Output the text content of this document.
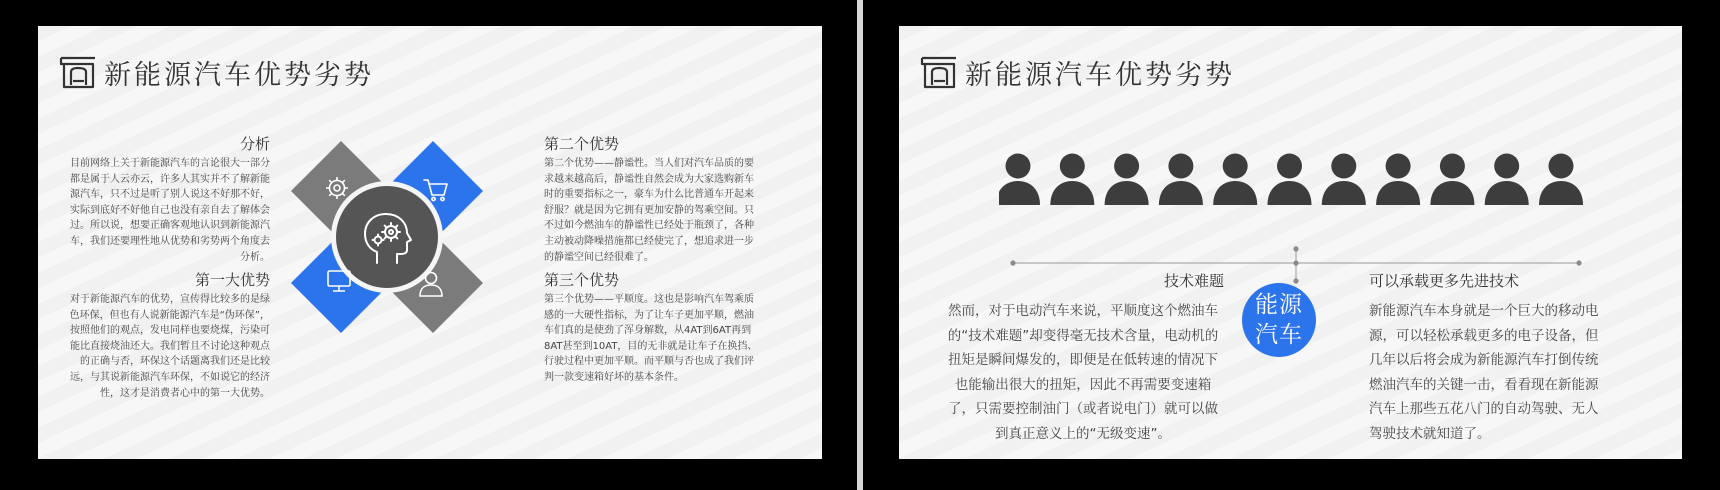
新能源汽车优势劣势
分析
目前网络上关于新能源汽车的言论很大一部分都是属于人云亦云，许多人其实并不了解新能源汽车，只不过是听了别人说这不好那不好，实际到底好不好他自己也没有亲自去了解体会过。所以说，想要正确客观地认识到新能源汽车，我们还要理性地从优势和劣势两个角度去分析。
第一大优势
对于新能源汽车的优势，宣传得比较多的是绿色环保，但也有人说新能源汽车是“伪环保”，按照他们的观点，发电同样也要烧煤，污染可能比直接烧油还大。我们暂且不讨论这种观点的正确与否，环保这个话题离我们还是比较远，与其说新能源汽车环保，不如说它的经济性，这才是消费者心中的第一大优势。
第二个优势
第二个优势——静谧性。当人们对汽车品质的要求越来越高后，静谧性自然会成为大家选购新车时的重要指标之一，豪车为什么比普通车开起来舒服？就是因为它拥有更加安静的驾乘空间。只不过如今燃油车的静谧性已经处于瓶颈了，各种主动被动降噪措施都已经使完了，想追求进一步的静谧空间已经很难了。
第三个优势
第三个优势——平顺度。这也是影响汽车驾乘质感的一大硬性指标，为了让车子更加平顺，燃油车们真的是使劲了浑身解数，从4AT到6AT再到8AT甚至到10AT，目的无非就是让车子在换挡、行驶过程中更加平顺。而平顺与否也成了我们评判一款变速箱好坏的基本条件。
新能源汽车优势劣势
技术难题
然而，对于电动汽车来说，平顺度这个燃油车的“技术难题”却变得毫无技术含量，电动机的扭矩是瞬间爆发的，即便是在低转速的情况下也能输出很大的扭矩，因此不再需要变速箱了，只需要控制油门（或者说电门）就可以做到真正意义上的“无级变速”。
能源
汽车
可以承载更多先进技术
新能源汽车本身就是一个巨大的移动电源，可以轻松承载更多的电子设备，但几年以后将会成为新能源汽车打倒传统燃油汽车的关键一击，看看现在新能源汽车上那些五花八门的自动驾驶、无人驾驶技术就知道了。
